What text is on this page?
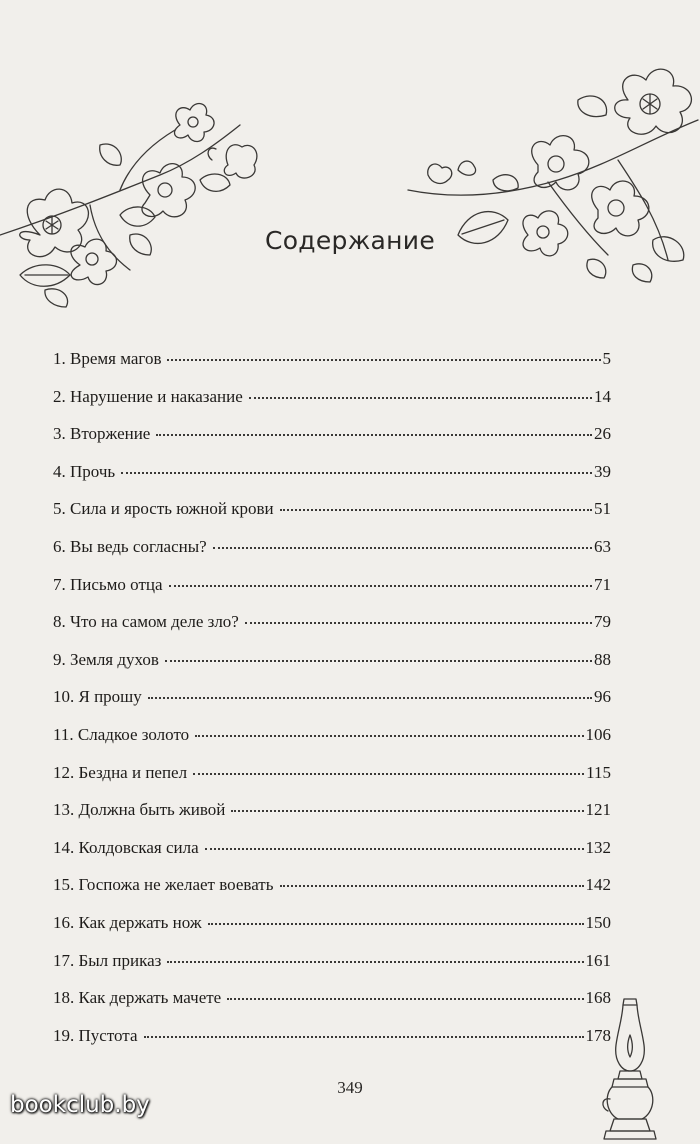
Содержание
1. Время магов	5
2. Нарушение и наказание	14
3. Вторжение	26
4. Прочь	39
5. Сила и ярость южной крови	51
6. Вы ведь согласны?	63
7. Письмо отца	71
8. Что на самом деле зло?	79
9. Земля духов	88
10. Я прошу	96
11. Сладкое золото	106
12. Бездна и пепел	115
13. Должна быть живой	121
14. Колдовская сила	132
15. Госпожа не желает воевать	142
16. Как держать нож	150
17. Был приказ	161
18. Как держать мачете	168
19. Пустота	178
349
bookclub.by
